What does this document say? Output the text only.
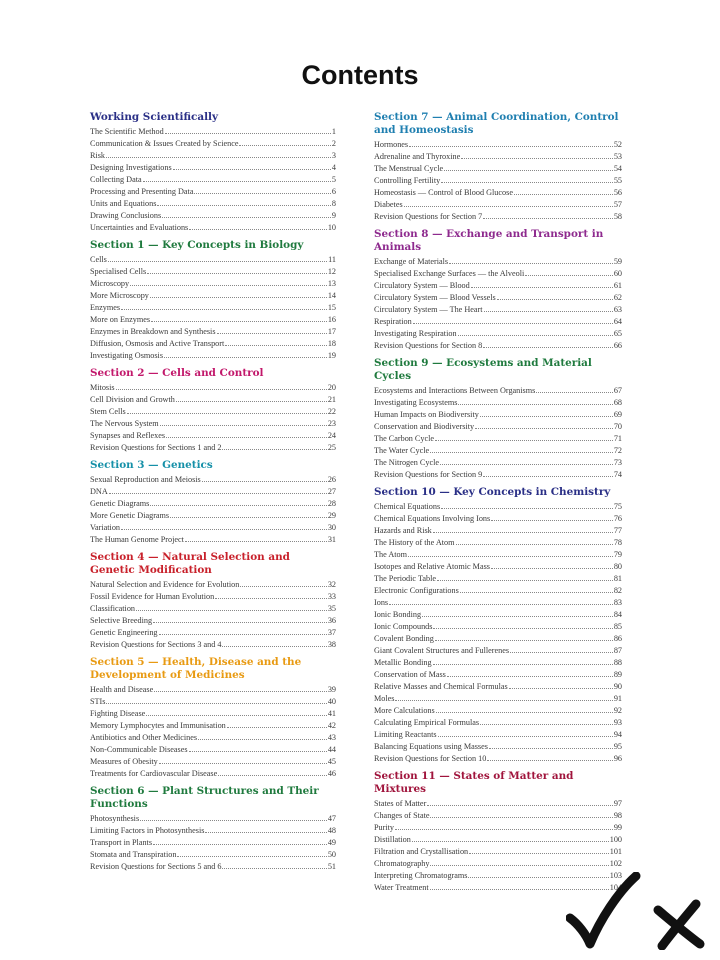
Contents
Working Scientifically
The Scientific Method	1
Communication & Issues Created by Science	2
Risk	3
Designing Investigations	4
Collecting Data	5
Processing and Presenting Data	6
Units and Equations	8
Drawing Conclusions	9
Uncertainties and Evaluations	10
Section 1 — Key Concepts in Biology
Cells	11
Specialised Cells	12
Microscopy	13
More Microscopy	14
Enzymes	15
More on Enzymes	16
Enzymes in Breakdown and Synthesis	17
Diffusion, Osmosis and Active Transport	18
Investigating Osmosis	19
Section 2 — Cells and Control
Mitosis	20
Cell Division and Growth	21
Stem Cells	22
The Nervous System	23
Synapses and Reflexes	24
Revision Questions for Sections 1 and 2	25
Section 3 — Genetics
Sexual Reproduction and Meiosis	26
DNA	27
Genetic Diagrams	28
More Genetic Diagrams	29
Variation	30
The Human Genome Project	31
Section 4 — Natural Selection and Genetic Modification
Natural Selection and Evidence for Evolution	32
Fossil Evidence for Human Evolution	33
Classification	35
Selective Breeding	36
Genetic Engineering	37
Revision Questions for Sections 3 and 4	38
Section 5 — Health, Disease and the Development of Medicines
Health and Disease	39
STIs	40
Fighting Disease	41
Memory Lymphocytes and Immunisation	42
Antibiotics and Other Medicines	43
Non-Communicable Diseases	44
Measures of Obesity	45
Treatments for Cardiovascular Disease	46
Section 6 — Plant Structures and Their Functions
Photosynthesis	47
Limiting Factors in Photosynthesis	48
Transport in Plants	49
Stomata and Transpiration	50
Revision Questions for Sections 5 and 6	51
Section 7 — Animal Coordination, Control and Homeostasis
Hormones	52
Adrenaline and Thyroxine	53
The Menstrual Cycle	54
Controlling Fertility	55
Homeostasis — Control of Blood Glucose	56
Diabetes	57
Revision Questions for Section 7	58
Section 8 — Exchange and Transport in Animals
Exchange of Materials	59
Specialised Exchange Surfaces — the Alveoli	60
Circulatory System — Blood	61
Circulatory System — Blood Vessels	62
Circulatory System — The Heart	63
Respiration	64
Investigating Respiration	65
Revision Questions for Section 8	66
Section 9 — Ecosystems and Material Cycles
Ecosystems and Interactions Between Organisms	67
Investigating Ecosystems	68
Human Impacts on Biodiversity	69
Conservation and Biodiversity	70
The Carbon Cycle	71
The Water Cycle	72
The Nitrogen Cycle	73
Revision Questions for Section 9	74
Section 10 — Key Concepts in Chemistry
Chemical Equations	75
Chemical Equations Involving Ions	76
Hazards and Risk	77
The History of the Atom	78
The Atom	79
Isotopes and Relative Atomic Mass	80
The Periodic Table	81
Electronic Configurations	82
Ions	83
Ionic Bonding	84
Ionic Compounds	85
Covalent Bonding	86
Giant Covalent Structures and Fullerenes	87
Metallic Bonding	88
Conservation of Mass	89
Relative Masses and Chemical Formulas	90
Moles	91
More Calculations	92
Calculating Empirical Formulas	93
Limiting Reactants	94
Balancing Equations using Masses	95
Revision Questions for Section 10	96
Section 11 — States of Matter and Mixtures
States of Matter	97
Changes of State	98
Purity	99
Distillation	100
Filtration and Crystallisation	101
Chromatography	102
Interpreting Chromatograms	103
Water Treatment	104
